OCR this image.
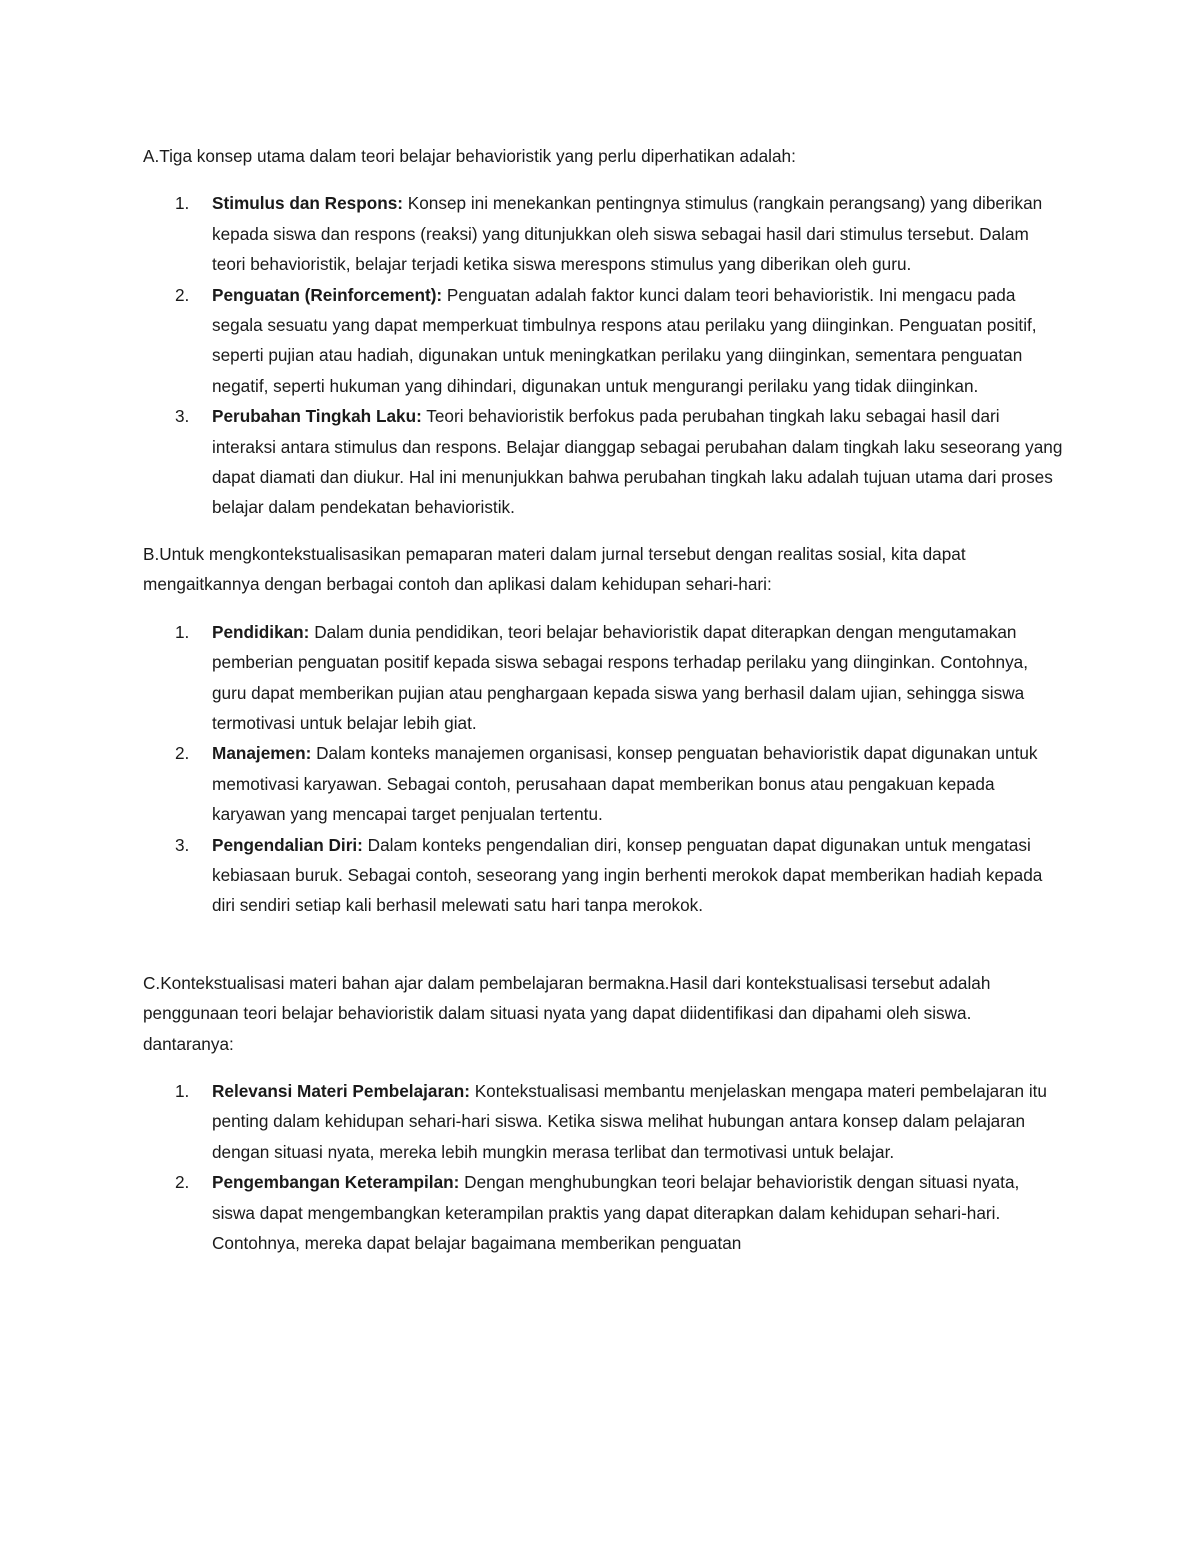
A.Tiga konsep utama dalam teori belajar behavioristik yang perlu diperhatikan adalah:

1. Stimulus dan Respons: Konsep ini menekankan pentingnya stimulus (rangkain perangsang) yang diberikan kepada siswa dan respons (reaksi) yang ditunjukkan oleh siswa sebagai hasil dari stimulus tersebut. Dalam teori behavioristik, belajar terjadi ketika siswa merespons stimulus yang diberikan oleh guru.
2. Penguatan (Reinforcement): Penguatan adalah faktor kunci dalam teori behavioristik. Ini mengacu pada segala sesuatu yang dapat memperkuat timbulnya respons atau perilaku yang diinginkan. Penguatan positif, seperti pujian atau hadiah, digunakan untuk meningkatkan perilaku yang diinginkan, sementara penguatan negatif, seperti hukuman yang dihindari, digunakan untuk mengurangi perilaku yang tidak diinginkan.
3. Perubahan Tingkah Laku: Teori behavioristik berfokus pada perubahan tingkah laku sebagai hasil dari interaksi antara stimulus dan respons. Belajar dianggap sebagai perubahan dalam tingkah laku seseorang yang dapat diamati dan diukur. Hal ini menunjukkan bahwa perubahan tingkah laku adalah tujuan utama dari proses belajar dalam pendekatan behavioristik.

B.Untuk mengkontekstualisasikan pemaparan materi dalam jurnal tersebut dengan realitas sosial, kita dapat mengaitkannya dengan berbagai contoh dan aplikasi dalam kehidupan sehari-hari:

1. Pendidikan: Dalam dunia pendidikan, teori belajar behavioristik dapat diterapkan dengan mengutamakan pemberian penguatan positif kepada siswa sebagai respons terhadap perilaku yang diinginkan. Contohnya, guru dapat memberikan pujian atau penghargaan kepada siswa yang berhasil dalam ujian, sehingga siswa termotivasi untuk belajar lebih giat.
2. Manajemen: Dalam konteks manajemen organisasi, konsep penguatan behavioristik dapat digunakan untuk memotivasi karyawan. Sebagai contoh, perusahaan dapat memberikan bonus atau pengakuan kepada karyawan yang mencapai target penjualan tertentu.
3. Pengendalian Diri: Dalam konteks pengendalian diri, konsep penguatan dapat digunakan untuk mengatasi kebiasaan buruk. Sebagai contoh, seseorang yang ingin berhenti merokok dapat memberikan hadiah kepada diri sendiri setiap kali berhasil melewati satu hari tanpa merokok.

C.Kontekstualisasi materi bahan ajar dalam pembelajaran bermakna.Hasil dari kontekstualisasi tersebut adalah penggunaan teori belajar behavioristik dalam situasi nyata yang dapat diidentifikasi dan dipahami oleh siswa. dantaranya:

1. Relevansi Materi Pembelajaran: Kontekstualisasi membantu menjelaskan mengapa materi pembelajaran itu penting dalam kehidupan sehari-hari siswa. Ketika siswa melihat hubungan antara konsep dalam pelajaran dengan situasi nyata, mereka lebih mungkin merasa terlibat dan termotivasi untuk belajar.
2. Pengembangan Keterampilan: Dengan menghubungkan teori belajar behavioristik dengan situasi nyata, siswa dapat mengembangkan keterampilan praktis yang dapat diterapkan dalam kehidupan sehari-hari. Contohnya, mereka dapat belajar bagaimana memberikan penguatan
